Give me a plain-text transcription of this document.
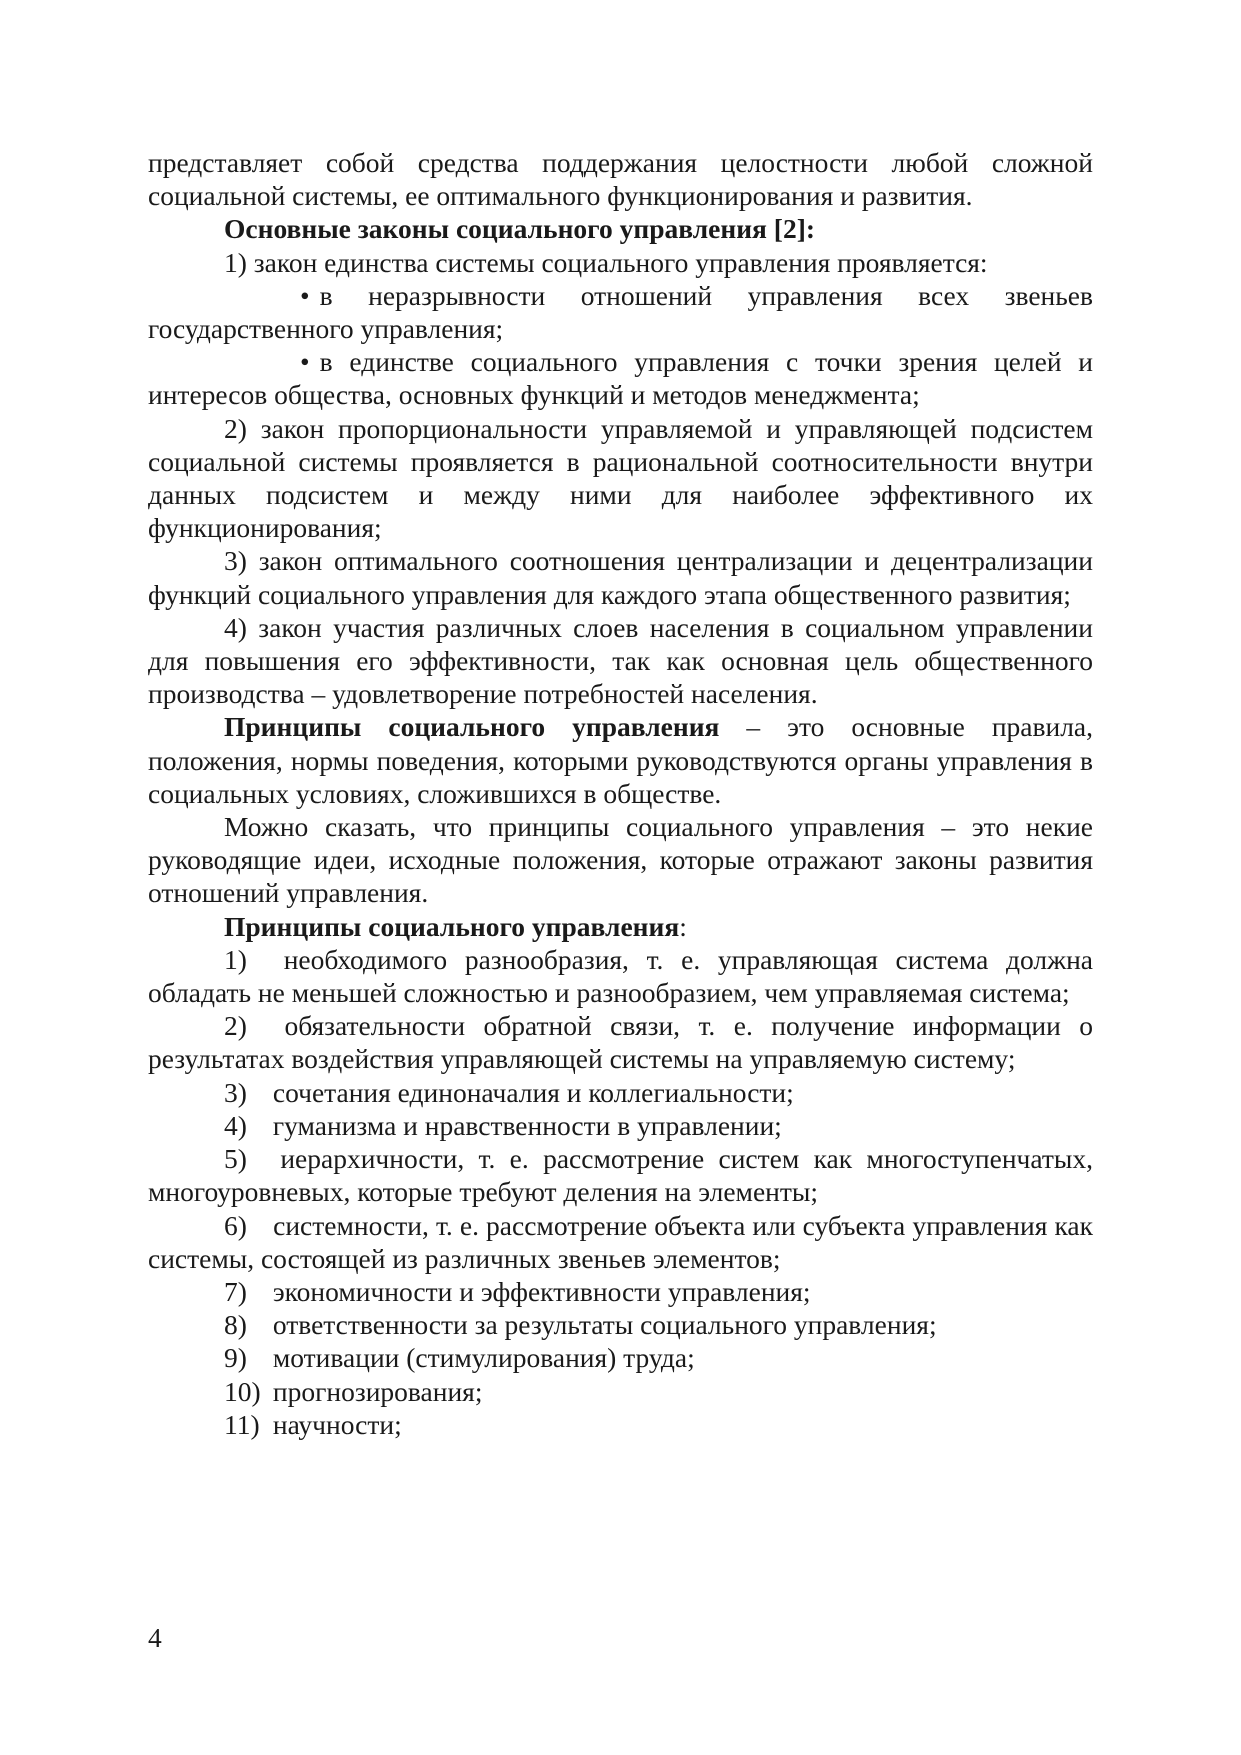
представляет собой средства поддержания целостности любой сложной социальной системы, ее оптимального функционирования и развития.

Основные законы социального управления [2]:

1) закон единства системы социального управления проявляется:

• в неразрывности отношений управления всех звеньев государственного управления;

• в единстве социального управления с точки зрения целей и интересов общества, основных функций и методов менеджмента;

2) закон пропорциональности управляемой и управляющей подсистем социальной системы проявляется в рациональной соотносительности внутри данных подсистем и между ними для наиболее эффективного их функционирования;

3) закон оптимального соотношения централизации и децентрализации функций социального управления для каждого этапа общественного развития;

4) закон участия различных слоев населения в социальном управлении для повышения его эффективности, так как основная цель общественного производства – удовлетворение потребностей населения.

Принципы социального управления – это основные правила, положения, нормы поведения, которыми руководствуются органы управления в социальных условиях, сложившихся в обществе.

Можно сказать, что принципы социального управления – это некие руководящие идеи, исходные положения, которые отражают законы развития отношений управления.

Принципы социального управления:

1) необходимого разнообразия, т. е. управляющая система должна обладать не меньшей сложностью и разнообразием, чем управляемая система;

2) обязательности обратной связи, т. е. получение информации о результатах воздействия управляющей системы на управляемую систему;

3) сочетания единоначалия и коллегиальности;

4) гуманизма и нравственности в управлении;

5) иерархичности, т. е. рассмотрение систем как многоступенчатых, многоуровневых, которые требуют деления на элементы;

6) системности, т. е. рассмотрение объекта или субъекта управления как системы, состоящей из различных звеньев элементов;

7) экономичности и эффективности управления;

8) ответственности за результаты социального управления;

9) мотивации (стимулирования) труда;

10) прогнозирования;

11) научности;

4
